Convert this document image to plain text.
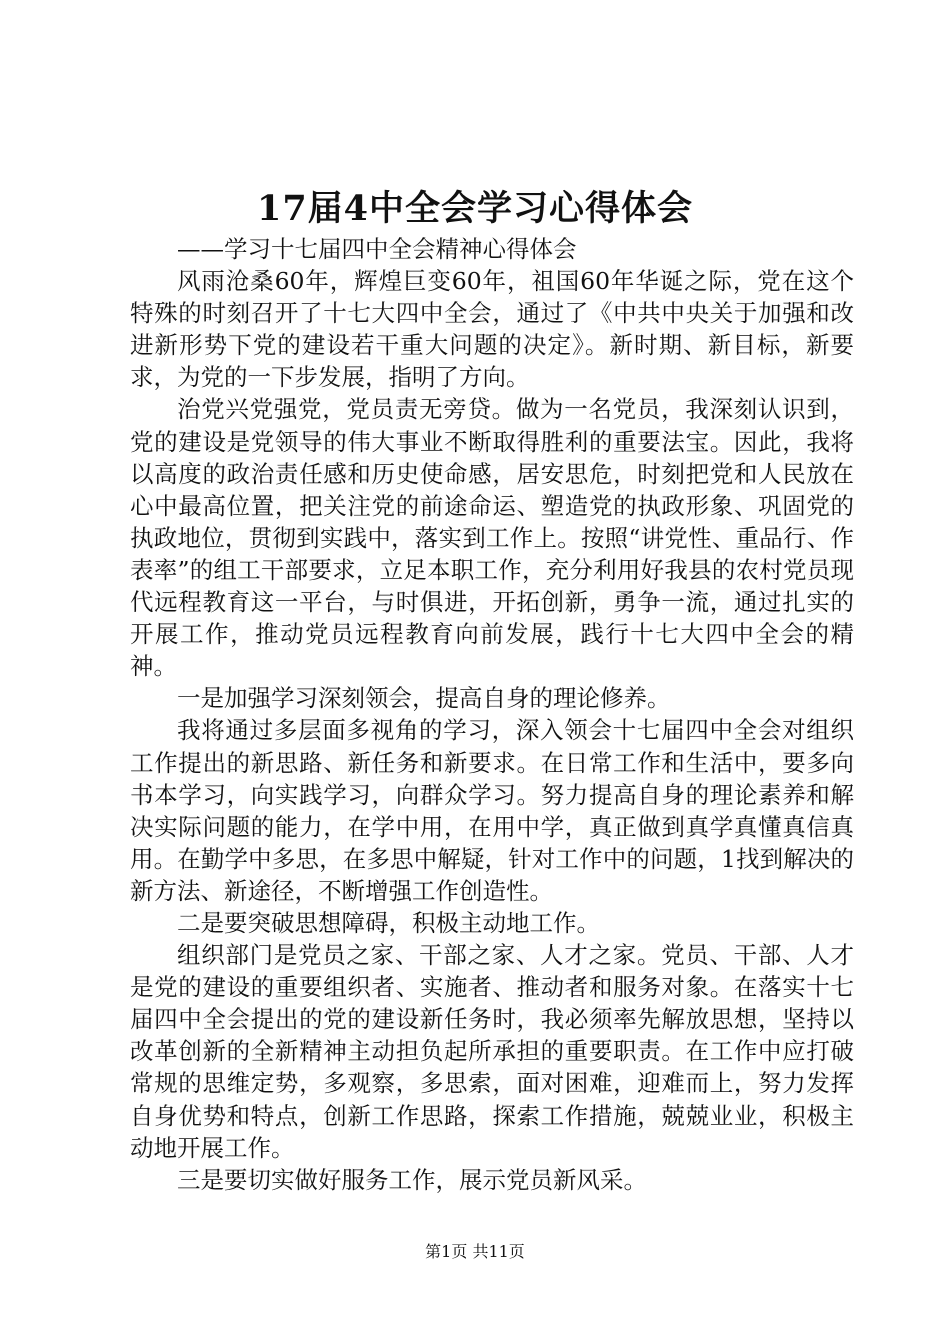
17届4中全会学习心得体会

——学习十七届四中全会精神心得体会

风雨沧桑60年，辉煌巨变60年，祖国60年华诞之际，党在这个特殊的时刻召开了十七大四中全会，通过了《中共中央关于加强和改进新形势下党的建设若干重大问题的决定》。新时期、新目标，新要求，为党的一下步发展，指明了方向。

治党兴党强党，党员责无旁贷。做为一名党员，我深刻认识到，党的建设是党领导的伟大事业不断取得胜利的重要法宝。因此，我将以高度的政治责任感和历史使命感，居安思危，时刻把党和人民放在心中最高位置，把关注党的前途命运、塑造党的执政形象、巩固党的执政地位，贯彻到实践中，落实到工作上。按照“讲党性、重品行、作表率”的组工干部要求，立足本职工作，充分利用好我县的农村党员现代远程教育这一平台，与时俱进，开拓创新，勇争一流，通过扎实的开展工作，推动党员远程教育向前发展，践行十七大四中全会的精神。

一是加强学习深刻领会，提高自身的理论修养。

我将通过多层面多视角的学习，深入领会十七届四中全会对组织工作提出的新思路、新任务和新要求。在日常工作和生活中，要多向书本学习，向实践学习，向群众学习。努力提高自身的理论素养和解决实际问题的能力，在学中用，在用中学，真正做到真学真懂真信真用。在勤学中多思，在多思中解疑，针对工作中的问题，1找到解决的新方法、新途径，不断增强工作创造性。

二是要突破思想障碍，积极主动地工作。

组织部门是党员之家、干部之家、人才之家。党员、干部、人才是党的建设的重要组织者、实施者、推动者和服务对象。在落实十七届四中全会提出的党的建设新任务时，我必须率先解放思想，坚持以改革创新的全新精神主动担负起所承担的重要职责。在工作中应打破常规的思维定势，多观察，多思索，面对困难，迎难而上，努力发挥自身优势和特点，创新工作思路，探索工作措施，兢兢业业，积极主动地开展工作。

三是要切实做好服务工作，展示党员新风采。

第1页 共11页
